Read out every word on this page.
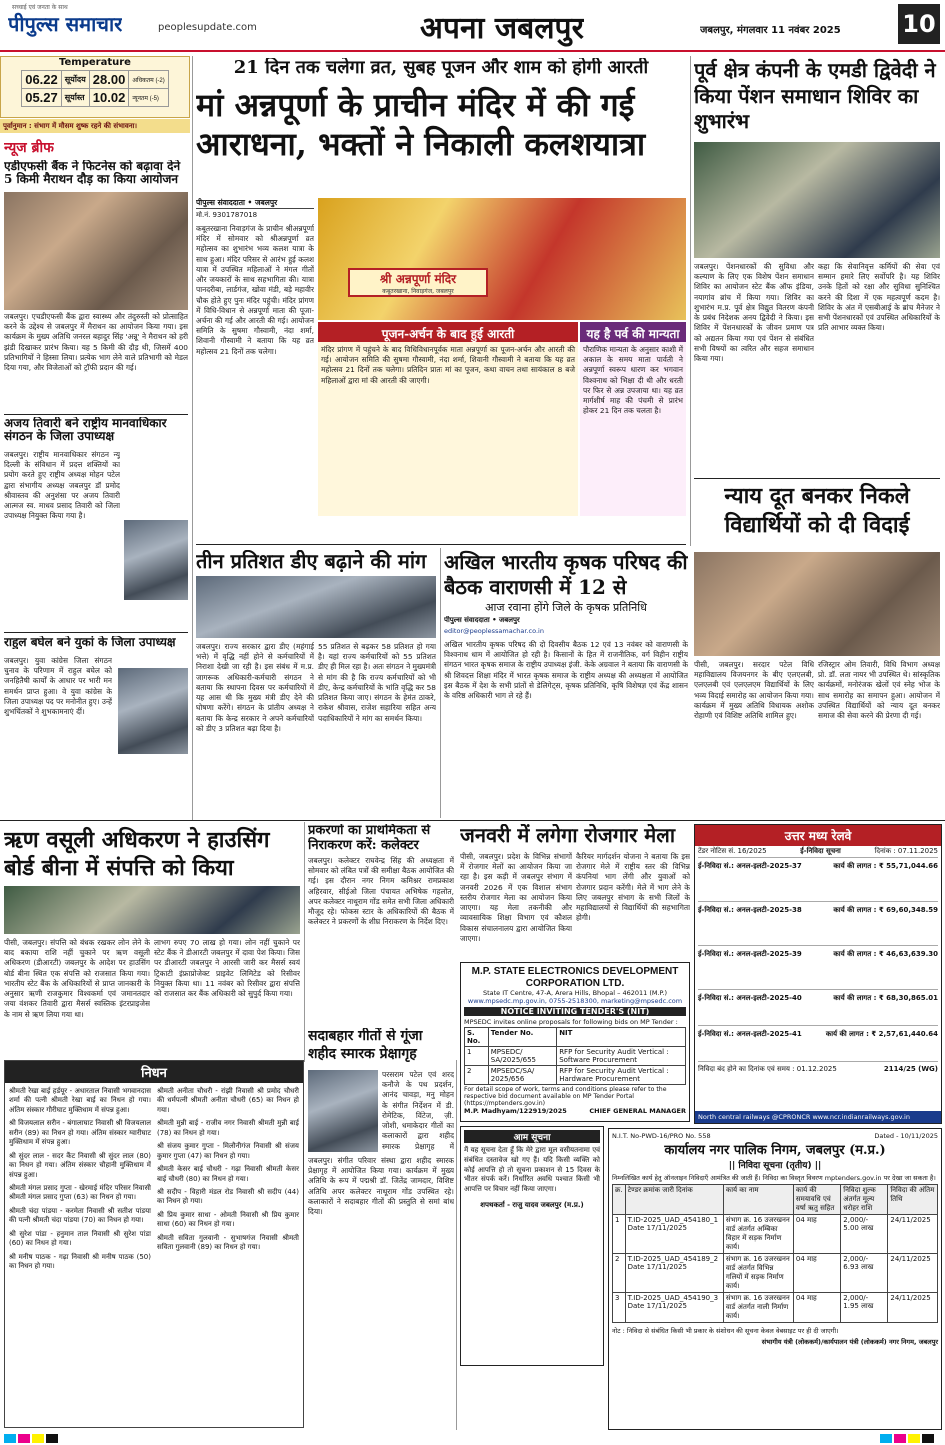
पीपुल्स समाचार
सच्चाई एवं जनता के साथ
peoplesupdate.com	अपना जबलपुर	जबलपुर, मंगलवार 11 नवंबर 2025	10
Temperature
06.22	सूर्योदय	28.00	अधिकतम (-2)
05.27	सूर्यास्त	10.02	न्यूनतम (-5)
पूर्वानुमान : संभाग में मौसम शुष्क रहने की संभावना।
न्यूज ब्रीफ
एडीएफसी बैंक ने फिटनेस को बढ़ावा देने 5 किमी मैराथन दौड़ का किया आयोजन
जबलपुर। एचडीएफसी बैंक द्वारा स्वास्थ्य और तंदुरुस्ती को प्रोत्साहित करने के उद्देश्य से जबलपुर में मैराथन का आयोजन किया गया। इस कार्यक्रम के मुख्य अतिथि जनरल बहादुर सिंह 'अन्नू' ने मैराथन को हरी झंडी दिखाकर प्रारंभ किया। यह 5 किमी की दौड़ थी, जिसमें 400 प्रतिभागियों ने हिस्सा लिया। प्रत्येक भाग लेने वाले प्रतिभागी को मेडल दिया गया, और विजेताओं को ट्रॉफी प्रदान की गई।
अजय तिवारी बने राष्ट्रीय मानवाधिकार संगठन के जिला उपाध्यक्ष
जबलपुर। राष्ट्रीय मानवाधिकार संगठन न्यू दिल्ली के संविधान में प्रदत्त शक्तियों का प्रयोग करते हुए राष्ट्रीय अध्यक्ष मोहन पटेल द्वारा संभागीय अध्यक्ष जबलपुर डॉ प्रमोद श्रीवास्तव की अनुशंसा पर अजय तिवारी आत्मज स्व. माधव प्रसाद तिवारी को जिला उपाध्यक्ष नियुक्त किया गया है।
राहुल बघेल बने युकां के जिला उपाध्यक्ष
जबलपुर। युवा कांग्रेस जिला संगठन चुनाव के परिणाम में राहुल बघेल को जनहितैषी कार्यों के आधार पर भारी मन समर्थन प्राप्त हुआ। वे युवा कांग्रेस के जिला उपाध्यक्ष पद पर मनोनीत हुए। उन्हें शुभचिंतकों ने शुभकामनाएं दीं।
21 दिन तक चलेगा व्रत, सुबह पूजन और शाम को होगी आरती
मां अन्नपूर्णा के प्राचीन मंदिर में की गई आराधना, भक्तों ने निकाली कलशयात्रा
पीपुल्स संवाददाता • जबलपुर
मो.नं. 9301787018
कबूतरखाना निवाड़गंज के प्राचीन श्रीअन्नपूर्णा मंदिर में सोमवार को श्रीअन्नपूर्णा व्रत महोत्सव का शुभारंभ भव्य कलश यात्रा के साथ हुआ। मंदिर परिसर से आरंभ हुई कलश यात्रा में उपस्थित महिलाओं ने मंगल गीतों और जयकारों के साथ सहभागिता की। यात्रा पानदरीबा, लार्डगंज, खोवा मंडी, बड़े महावीर चौक होते हुए पुनः मंदिर पहुंची। मंदिर प्रांगण में विधि-विधान से अन्नपूर्णा माता की पूजा-अर्चना की गई और आरती की गई। आयोजन समिति के सुषमा गौस्वामी, नंदा शर्मा, शिवानी गौस्वामी ने बताया कि यह व्रत महोत्सव 21 दिनों तक चलेगा।
श्री अन्नपूर्णा मंदिर
कबूतरखाना, निवाड़गंज, जबलपुर
पूजन-अर्चन के बाद हुई आरती	यह है पर्व की मान्यता
मंदिर प्रांगण में पहुंचने के बाद विधिविधानपूर्वक माता अन्नपूर्णा का पूजन-अर्चन और आरती की गई। आयोजन समिति की सुषमा गौस्वामी, नंदा शर्मा, शिवानी गौस्वामी ने बताया कि यह व्रत महोत्सव 21 दिनों तक चलेगा। प्रतिदिन प्रातः मां का पूजन, कथा वाचन तथा सायंकाल 8 बजे महिलाओं द्वारा मां की आरती की जाएगी।
पौराणिक मान्यता के अनुसार काशी में अकाल के समय माता पार्वती ने अन्नपूर्णा स्वरूप धारण कर भगवान विश्वनाथ को भिक्षा दी थी और धरती पर फिर से अन्न उपजाया था। यह व्रत मार्गशीर्ष माह की पंचमी से प्रारंभ होकर 21 दिन तक चलता है।
पूर्व क्षेत्र कंपनी के एमडी द्विवेदी ने किया पेंशन समाधान शिविर का शुभारंभ
जबलपुर। पेंशनधारकों की सुविधा और कल्याण के लिए एक विशेष पेंशन समाधान शिविर का आयोजन स्टेट बैंक ऑफ इंडिया, नयागांव ब्रांच में किया गया। शिविर का शुभारंभ म.प्र. पूर्व क्षेत्र विद्युत वितरण कंपनी के प्रबंध निदेशक अनय द्विवेदी ने किया। इस शिविर में पेंशनधारकों के जीवन प्रमाण पत्र को अद्यतन किया गया एवं पेंशन से संबंधित सभी विषयों का त्वरित और सहज समाधान किया गया।
कहा कि सेवानिवृत्त कर्मियों की सेवा एवं सम्मान हमारे लिए सर्वोपरि है। यह शिविर उनके हितों को रक्षा और सुविधा सुनिश्चित करने की दिशा में एक महत्वपूर्ण कदम है। शिविर के अंत में एसबीआई के ब्रांच मैनेजर ने सभी पेंशनधारकों एवं उपस्थित अधिकारियों के प्रति आभार व्यक्त किया।
न्याय दूत बनकर निकले विद्यार्थियों को दी विदाई
पीसी, जबलपुर। सरदार पटेल विधि महाविद्यालय विजयनगर के बीए एलएलबी, एलएलबी एवं एलएलएम विद्यार्थियों के लिए भव्य विदाई समारोह का आयोजन किया गया। कार्यक्रम में मुख्य अतिथि विधायक अशोक रोहाणी एवं विशिष्ट अतिथि शामिल हुए।
रजिस्ट्रार ओम तिवारी, विधि विभाग अध्यक्ष प्रो. डॉ. लता नायर भी उपस्थित थे। सांस्कृतिक कार्यक्रमों, मनोरंजक खेलों एवं स्नेह भोज के साथ समारोह का समापन हुआ। आयोजन में उपस्थित विद्यार्थियों को न्याय दूत बनकर समाज की सेवा करने की प्रेरणा दी गई।
तीन प्रतिशत डीए बढ़ाने की मांग
जबलपुर। राज्य सरकार द्वारा डीए (महंगाई भत्ते) में वृद्धि नहीं होने से कर्मचारियों में निराशा देखी जा रही है। इस संबंध में म.प्र. जागरूक अधिकारी-कर्मचारी संगठन ने बताया कि स्थापना दिवस पर कर्मचारियों में यह आस थी कि मुख्य मंत्री डीए देने की घोषणा करेंगे। संगठन के प्रांतीय अध्यक्ष ने बताया कि केन्द्र सरकार ने अपने कर्मचारियों को डीए 3 प्रतिशत बढ़ा दिया है।
55 प्रतिशत से बढ़कर 58 प्रतिशत हो गया है। यहां राज्य कर्मचारियों को 55 प्रतिशत डीए ही मिल रहा है। अतः संगठन ने मुख्यमंत्री से मांग की है कि राज्य कर्मचारियों को भी डीए, केन्द्र कर्मचारियों के भांति वृद्धि कर 58 प्रतिशत किया जाए। संगठन के हेमंत ठाकरे, राकेश श्रीवास, राजेश सहारिया सहित अन्य पदाधिकारियों ने मांग का समर्थन किया।
अखिल भारतीय कृषक परिषद की बैठक वाराणसी में 12 से
आज रवाना होंगे जिले के कृषक प्रतिनिधि
पीपुल्स संवाददाता • जबलपुर
editor@peoplessamachar.co.in
अखिल भारतीय कृषक परिषद की दो दिवसीय बैठक 12 एवं 13 नवंबर को वाराणसी के विश्वनाथ धाम में आयोजित हो रही है। किसानों के हित में राजनीतिक, वर्ग विहीन राष्ट्रीय संगठन भारत कृषक समाज के राष्ट्रीय उपाध्यक्ष इंजी. केके अग्रवाल ने बताया कि वाराणसी के श्री शिवदत्त शिक्षा मंदिर में भारत कृषक समाज के राष्ट्रीय अध्यक्ष की अध्यक्षता में आयोजित इस बैठक में देश के सभी प्रांतों से डेलिगेट्स, कृषक प्रतिनिधि, कृषि विशेषज्ञ एवं केंद्र शासन के वरिष्ठ अधिकारी भाग ले रहे हैं।
ऋण वसूली अधिकरण ने हाउसिंग बोर्ड बीना में संपत्ति को किया
पीसी, जबलपुर। संपत्ति को बंधक रखकर लोन लेने के बाद बकाया राशि नहीं चुकाने पर ऋण वसूली अधिकरण (डीआरटी) जबलपुर के आदेश पर हाउसिंग बोर्ड बीना स्थित एक संपत्ति को राजसात किया गया। भारतीय स्टेट बैंक के अधिकारियों से प्राप्त जानकारी के अनुसार ऋणी राजकुमार विश्वकर्मा एवं जमानतदार जया वंशकर तिवारी द्वारा मैसर्स स्वस्तिक इंटरप्राइजेस के नाम से ऋण लिया गया था।
लाभग रुपए 70 लाख हो गया। लोन नहीं चुकाने पर स्टेट बैंक ने डीआरटी जबलपुर में दावा पेश किया। जिस पर डीआरटी जबलपुर ने आरसी जारी कर मैसर्स स्वयं ट्रिकाटी इंफ्राप्रोजेक्ट प्राइवेट लिमिटेड को रिसीवर नियुक्त किया था। 11 नवंबर को रिसीवर द्वारा संपत्ति को राजसात कर बैंक अधिकारी को सुपुर्द किया गया।
प्रकरणों का प्राथमिकता से निराकरण करें: कलेक्टर
जबलपुर। कलेक्टर राघवेन्द्र सिंह की अध्यक्षता में सोमवार को लंबित पत्रों की समीक्षा बैठक आयोजित की गई। इस दौरान नगर निगम कमिश्नर रामप्रकाश अहिरवार, सीईओ जिला पंचायत अभिषेक गहलोत, अपर कलेक्टर नाथूराम गोंड समेत सभी जिला अधिकारी मौजूद रहे। फोकस स्टार के अधिकारियों की बैठक में कलेक्टर ने प्रकरणों के शीघ्र निराकरण के निर्देश दिए।
जनवरी में लगेगा रोजगार मेला
पीसी, जबलपुर। प्रदेश के विभिन्न संभागों में रोजगार मेलों का आयोजन किया जा रहा है। इस कड़ी में जबलपुर संभाग में जनवरी 2026 में एक विशाल संभाग स्तरीय रोजगार मेला का आयोजन किया जाएगा। यह मेला तकनीकी और व्यावसायिक शिक्षा विभाग एवं कौशल विकास संचालनालय द्वारा आयोजित किया जाएगा।
कैरियर मार्गदर्शन योजना ने बताया कि इस रोजगार मेले में राष्ट्रीय स्तर की विभिन्न कंपनियां भाग लेंगी और युवाओं को रोजगार प्रदान करेंगी। मेले में भाग लेने के लिए जबलपुर संभाग के सभी जिलों के महाविद्यालयों से विद्यार्थियों की सहभागिता होगी।
M.P. STATE ELECTRONICS DEVELOPMENT CORPORATION LTD.
State IT Centre, 47-A, Arera Hills, Bhopal – 462011 (M.P.)
www.mpsedc.mp.gov.in, 0755-2518300, marketing@mpsedc.com
NOTICE INVITING TENDER'S (NIT)
MPSEDC invites online proposals for following bids on MP Tender :
S. No.	Tender No.	NIT
1	MPSEDC/ SA/2025/655	RFP for Security Audit Vertical : Software Procurement
2	MPSEDC/SA/ 2025/656	RFP for Security Audit Vertical : Hardware Procurement
For detail scope of work, terms and conditions please refer to the respective bid document available on MP Tender Portal (https://mptenders.gov.in)
M.P. Madhyam/122919/2025	CHIEF GENERAL MANAGER
उत्तर मध्य रेलवे
टेंडर नोटिस सं. 16/2025	ई-निविदा सूचना	दिनांक : 07.11.2025
ई-निविदा सं.: अनल-इलटी-2025-37	कार्य की लागत : ₹ 55,71,044.66
ई-निविदा सं.: अनल-इलटी-2025-38	कार्य की लागत : ₹ 69,60,348.59
ई-निविदा सं.: अनल-इलटी-2025-39	कार्य की लागत : ₹ 46,63,639.30
ई-निविदा सं.: अनल-इलटी-2025-40	कार्य की लागत : ₹ 68,30,865.01
ई-निविदा सं.: अनल-इलटी-2025-41	कार्य की लागत : ₹ 2,57,61,440.64
निविदा बंद होने का दिनांक एवं समय : 01.12.2025	2114/25 (WG)
North central railways @CPRONCR www.ncr.indianrailways.gov.in
निधन
श्रीमती रेखा बाई हर्डयूर - अधारताल निवासी भगवानदास शर्मा की पत्नी श्रीमती रेखा बाई का निधन हो गया। अंतिम संस्कार गौरीघाट मुक्तिधाम में संपन्न हुआ।
श्री विजयलाल सरीन - बंगालाघाट निवासी श्री विजयलाल सरीन (89) का निधन हो गया। अंतिम संस्कार ग्वारीघाट मुक्तिधाम में संपन्न हुआ।
श्री सुंदर लाल - सदर कैंट निवासी श्री सुंदर लाल (80) का निधन हो गया। अंतिम संस्कार चौहानी मुक्तिधाम में संपन्न हुआ।
श्रीमती मंगल प्रसाद गुप्ता - खेरमाई मंदिर परिसर निवासी श्रीमती मंगल प्रसाद गुप्ता (63) का निधन हो गया।
श्रीमती चंदा पांडया - करमेता निवासी श्री सतीश पांडया की पत्नी श्रीमती चंदा पांडया (70) का निधन हो गया।
श्री सुरेश पांडा - हनुमान ताल निवासी श्री सुरेश पांडा (60) का निधन हो गया।
श्री मनीष पाठक - गढ़ा निवासी श्री मनीष पाठक (50) का निधन हो गया।
श्रीमती अनीता चौधरी - रांझी निवासी श्री प्रमोद चौधरी की धर्मपत्नी श्रीमती अनीता चौधरी (65) का निधन हो गया।
श्रीमती मुन्नी बाई - राजीव नगर निवासी श्रीमती मुन्नी बाई (78) का निधन हो गया।
श्री संजय कुमार गुप्ता - मिलौनीगंज निवासी श्री संजय कुमार गुप्ता (47) का निधन हो गया।
श्रीमती केसर बाई चौधरी - गढ़ा निवासी श्रीमती केसर बाई चौधरी (80) का निधन हो गया।
श्री सदीप - विहारी मंडल रोड निवासी श्री सदीप (44) का निधन हो गया।
श्री प्रिय कुमार साधा - ओमती निवासी श्री प्रिय कुमार साधा (60) का निधन हो गया।
श्रीमती सविता गुलवानी - सुभाषगंज निवासी श्रीमती सविता गुलवानी (89) का निधन हो गया।
सदाबहार गीतों से गूंजा शहीद स्मारक प्रेक्षागृह
परसराम पटेल एवं शरद कनौजे के पथ प्रदर्शन, आनंद चावड़ा, मनु मोहन के संगीत निर्देशन में डी. रोमेटिक, विंटेज, ज़ी. जोशी, धमाकेदार गीतों का कलाकारों द्वारा शहीद स्मारक प्रेक्षागृह में
जबलपुर। संगीत परिवार संस्था द्वारा शहीद स्मारक प्रेक्षागृह में आयोजित किया गया। कार्यक्रम में मुख्य अतिथि के रूप में पद्मश्री डॉ. जितेंद्र जामदार, विशिष्ट अतिथि अपर कलेक्टर नाथूराम गोंड उपस्थित रहे। कलाकारों ने सदाबहार गीतों की प्रस्तुति से समां बांध दिया।
आम सूचना
मैं यह सूचना देता हूँ कि मेरे द्वारा मूल वसीयतनामा एवं संबंधित दस्तावेज खो गए हैं। यदि किसी व्यक्ति को कोई आपत्ति हो तो सूचना प्रकाशन से 15 दिवस के भीतर संपर्क करें। निर्धारित अवधि पश्चात किसी भी आपत्ति पर विचार नहीं किया जाएगा।
शपथकर्ता - राजु यादव जबलपुर (म.प्र.)
N.I.T. No-PWD-16/PRO No. 558	Dated - 10/11/2025
कार्यालय नगर पालिक निगम, जबलपुर (म.प्र.)
|| निविदा सूचना (तृतीय) ||
निम्नलिखित कार्य हेतु ऑनलाइन निविदाएँ आमंत्रित की जाती हैं। निविदा का विस्तृत विवरण mptenders.gov.in पर देखा जा सकता है।
क्र.	टेण्डर क्रमांक जारी दिनांक	कार्य का नाम	कार्य की समयावधि एवं वर्षा ऋतु सहित	निविदा शुल्क अंतर्गत मूल्य धरोहर राशि	निविदा की अंतिम तिथि
1	T.ID-2025_UAD_454180_1 Date 17/11/2025	संभाग क्र. 16 उजरखनन वार्ड अंतर्गत अम्बिका विहार में सड़क निर्माण कार्य।	04 माह	2,000/- 5.00 लाख	24/11/2025
2	T.ID-2025_UAD_454189_2 Date 17/11/2025	संभाग क्र. 16 उजरखनन वार्ड अंतर्गत विभिन्न गलियों में सड़क निर्माण कार्य।	04 माह	2,000/- 6.93 लाख	24/11/2025
3	T.ID-2025_UAD_454190_3 Date 17/11/2025	संभाग क्र. 16 उजरखनन वार्ड अंतर्गत नाली निर्माण कार्य।	04 माह	2,000/- 1.95 लाख	24/11/2025
नोट : निविदा से संबंधित किसी भी प्रकार के संशोधन की सूचना केवल वेबसाइट पर ही दी जाएगी।
संभागीय यंत्री (लोककर्म)/कार्यपालन यंत्री (लोककर्म) नगर निगम, जबलपुर
